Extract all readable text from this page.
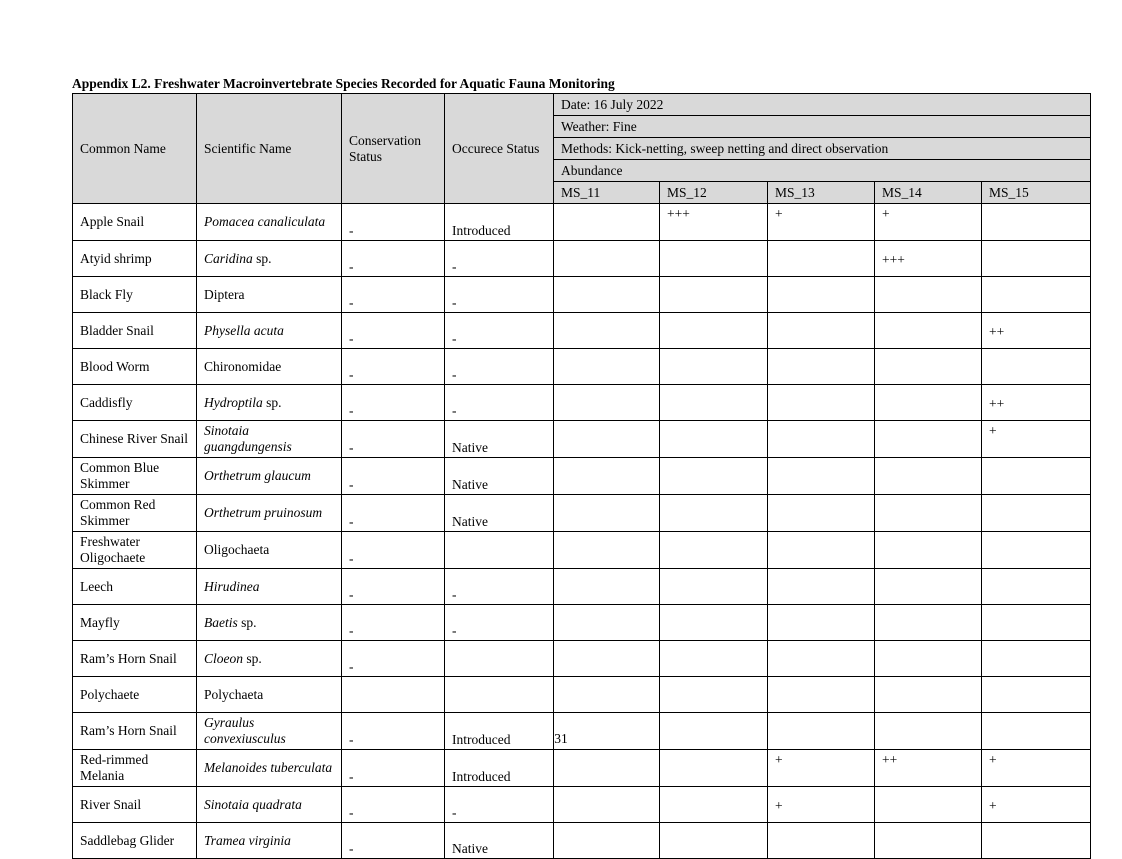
Appendix L2. Freshwater Macroinvertebrate Species Recorded for Aquatic Fauna Monitoring
Common Name	Scientific Name	Conservation Status	Occurece Status	Date: 16 July 2022				
				Weather: Fine				
				Methods: Kick-netting, sweep netting and direct observation				
				Abundance				
				MS_11	MS_12	MS_13	MS_14	MS_15
Apple Snail	Pomacea canaliculata	-	Introduced		+++	+	+	
Atyid shrimp	Caridina sp.	-	-				+++	
Black Fly	Diptera	-	-					
Bladder Snail	Physella acuta	-	-					++
Blood Worm	Chironomidae	-	-					
Caddisfly	Hydroptila sp.	-	-					++
Chinese River Snail	Sinotaia guangdungensis	-	Native					+
Common Blue Skimmer	Orthetrum glaucum	-	Native					
Common Red Skimmer	Orthetrum pruinosum	-	Native					
Freshwater Oligochaete	Oligochaeta	-						
Leech	Hirudinea	-	-					
Mayfly	Baetis sp.	-	-					
Ram’s Horn Snail	Cloeon sp.	-						
Polychaete	Polychaeta							
Ram’s Horn Snail	Gyraulus convexiusculus	-	Introduced					
Red-rimmed Melania	Melanoides tuberculata	-	Introduced			+	++	+
River Snail	Sinotaia quadrata	-	-			+		+
Saddlebag Glider	Tramea virginia	-	Native					
31
